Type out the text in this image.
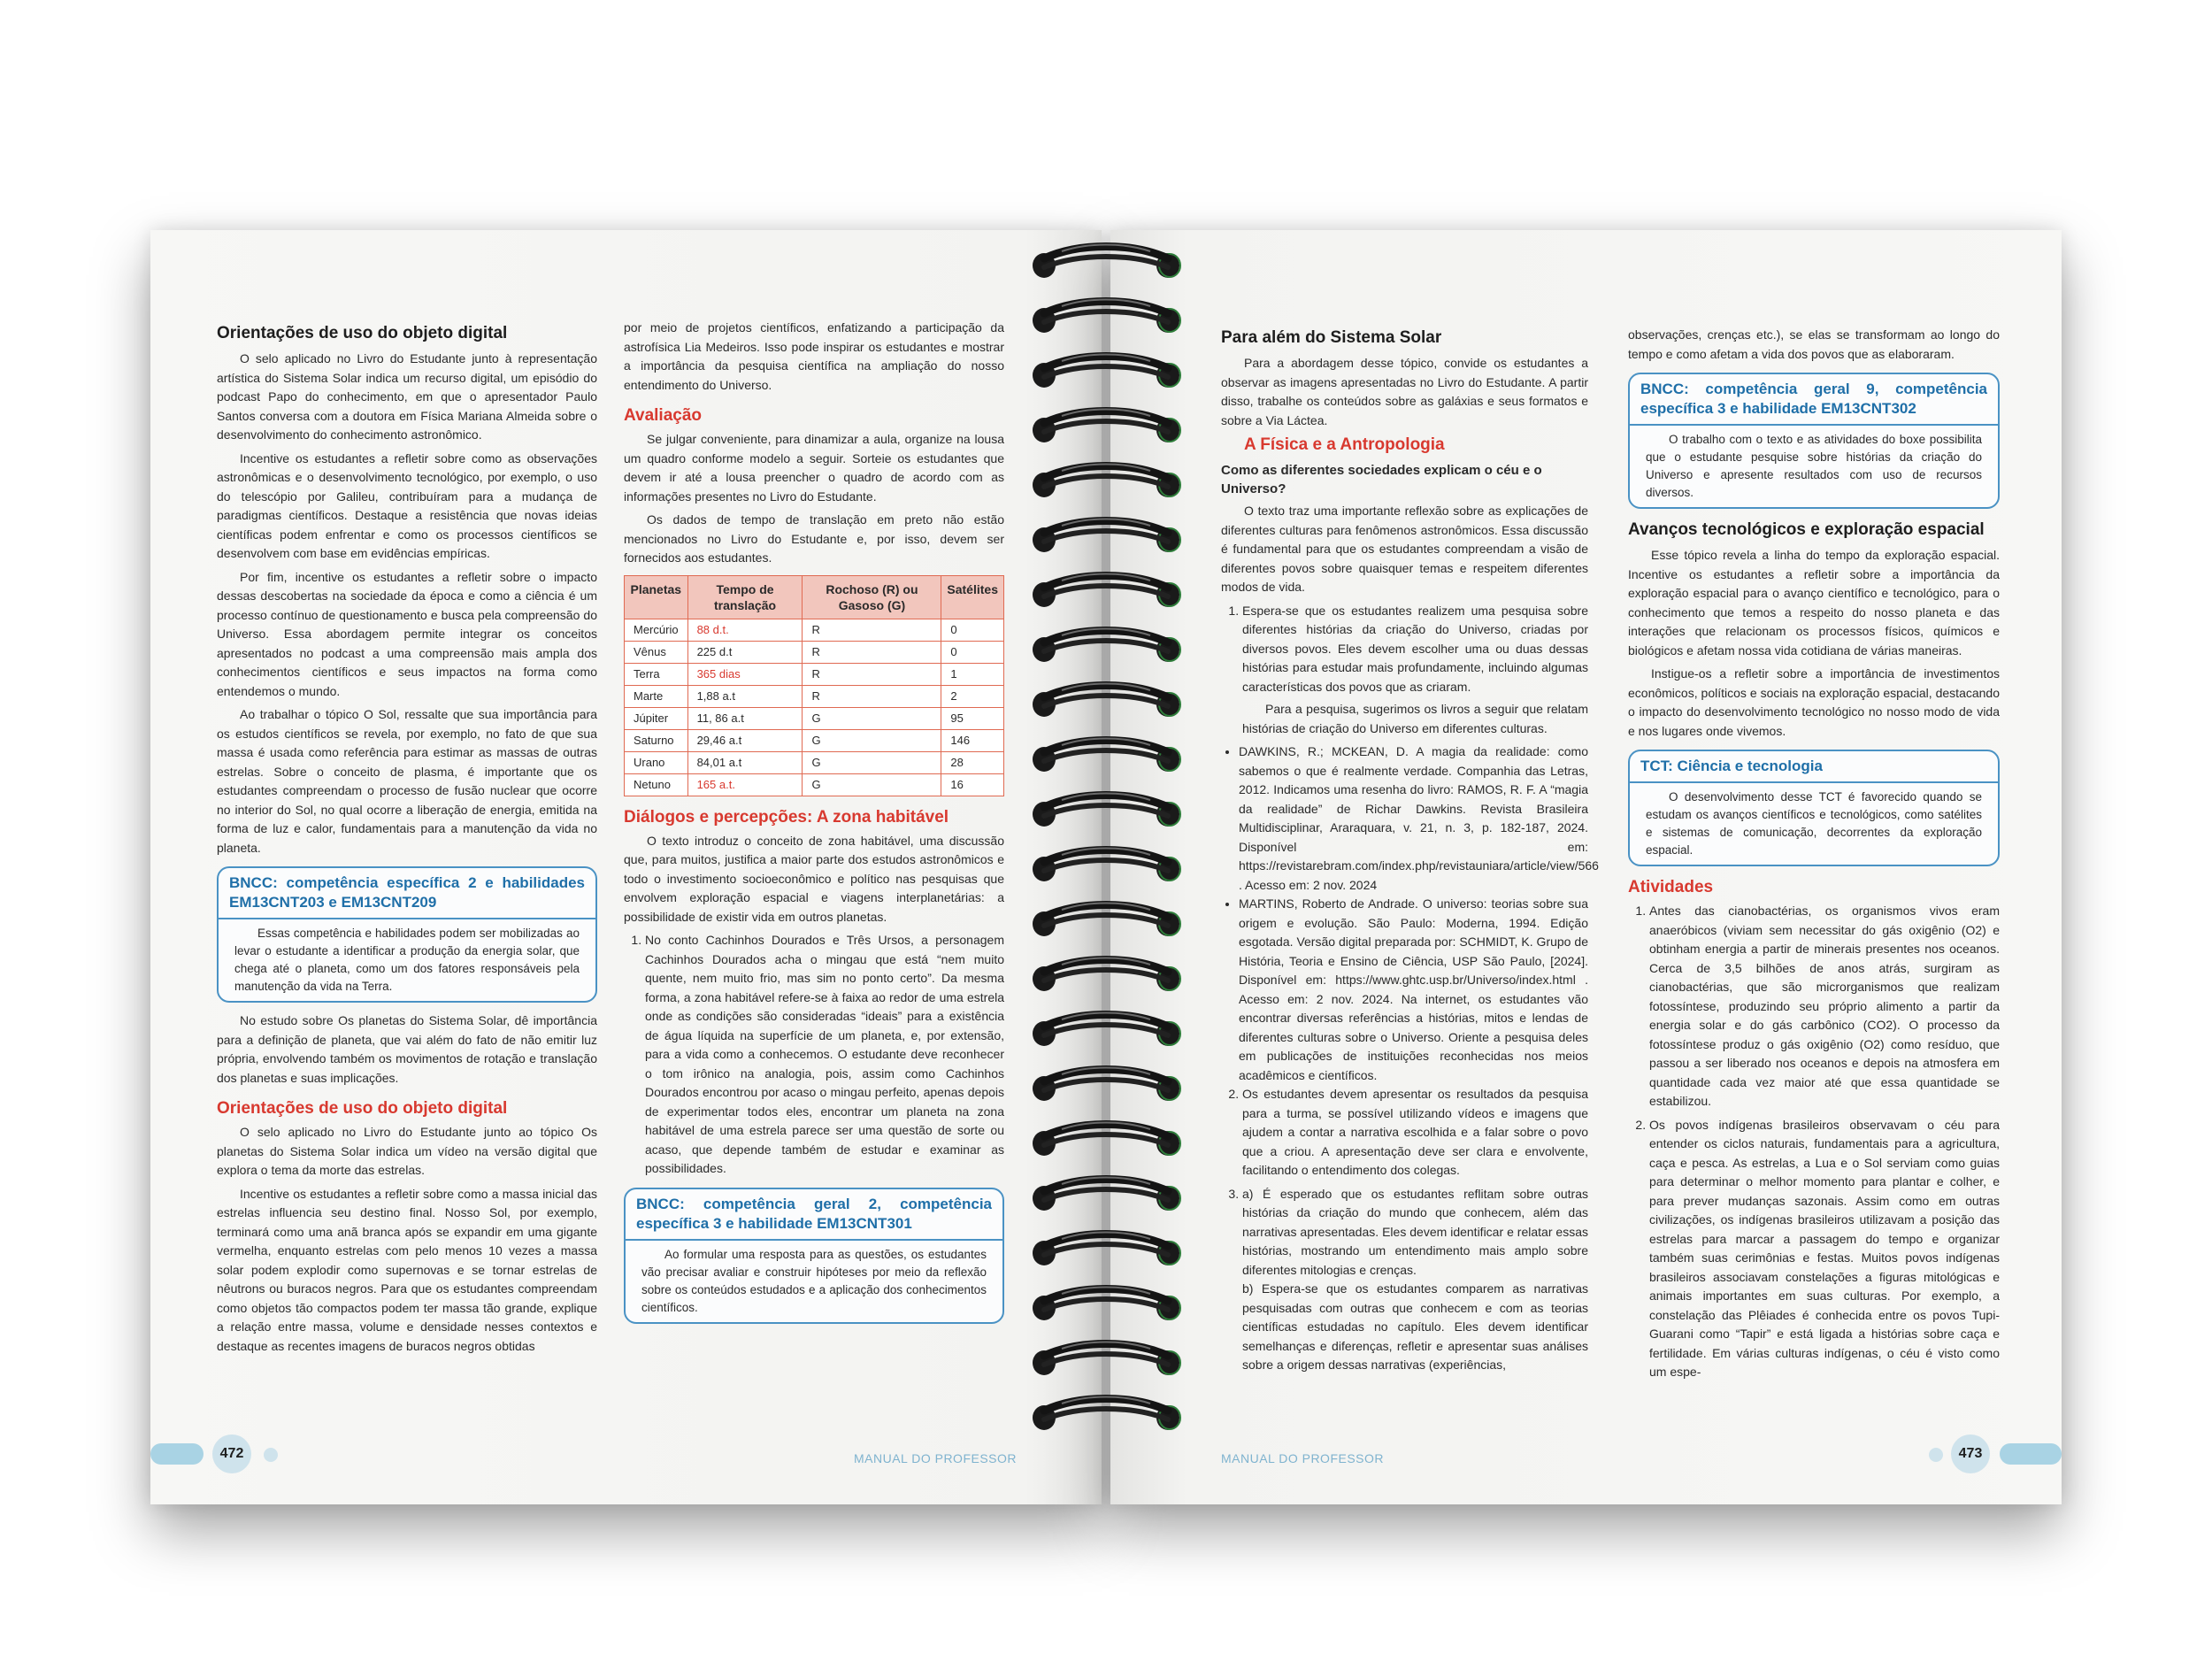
Orientações de uso do objeto digital

O selo aplicado no Livro do Estudante junto à representação artística do Sistema Solar indica um recurso digital, um episódio do podcast Papo do conhecimento, em que o apresentador Paulo Santos conversa com a doutora em Física Mariana Almeida sobre o desenvolvimento do conhecimento astronômico.

Incentive os estudantes a refletir sobre como as observações astronômicas e o desenvolvimento tecnológico, por exemplo, o uso do telescópio por Galileu, contribuíram para a mudança de paradigmas científicos. Destaque a resistência que novas ideias científicas podem enfrentar e como os processos científicos se desenvolvem com base em evidências empíricas.

Por fim, incentive os estudantes a refletir sobre o impacto dessas descobertas na sociedade da época e como a ciência é um processo contínuo de questionamento e busca pela compreensão do Universo. Essa abordagem permite integrar os conceitos apresentados no podcast a uma compreensão mais ampla dos conhecimentos científicos e seus impactos na forma como entendemos o mundo.

Ao trabalhar o tópico O Sol, ressalte que sua importância para os estudos científicos se revela, por exemplo, no fato de que sua massa é usada como referência para estimar as massas de outras estrelas. Sobre o conceito de plasma, é importante que os estudantes compreendam o processo de fusão nuclear que ocorre no interior do Sol, no qual ocorre a liberação de energia, emitida na forma de luz e calor, fundamentais para a manutenção da vida no planeta.

BNCC: competência específica 2 e habilidades EM13CNT203 e EM13CNT209

Essas competência e habilidades podem ser mobilizadas ao levar o estudante a identificar a produção da energia solar, que chega até o planeta, como um dos fatores responsáveis pela manutenção da vida na Terra.

No estudo sobre Os planetas do Sistema Solar, dê importância para a definição de planeta, que vai além do fato de não emitir luz própria, envolvendo também os movimentos de rotação e translação dos planetas e suas implicações.

Orientações de uso do objeto digital

O selo aplicado no Livro do Estudante junto ao tópico Os planetas do Sistema Solar indica um vídeo na versão digital que explora o tema da morte das estrelas.

Incentive os estudantes a refletir sobre como a massa inicial das estrelas influencia seu destino final. Nosso Sol, por exemplo, terminará como uma anã branca após se expandir em uma gigante vermelha, enquanto estrelas com pelo menos 10 vezes a massa solar podem explodir como supernovas e se tornar estrelas de nêutrons ou buracos negros. Para que os estudantes compreendam como objetos tão compactos podem ter massa tão grande, explique a relação entre massa, volume e densidade nesses contextos e destaque as recentes imagens de buracos negros obtidas

por meio de projetos científicos, enfatizando a participação da astrofísica Lia Medeiros. Isso pode inspirar os estudantes e mostrar a importância da pesquisa científica na ampliação do nosso entendimento do Universo.

Avaliação

Se julgar conveniente, para dinamizar a aula, organize na lousa um quadro conforme modelo a seguir. Sorteie os estudantes que devem ir até a lousa preencher o quadro de acordo com as informações presentes no Livro do Estudante.

Os dados de tempo de translação em preto não estão mencionados no Livro do Estudante e, por isso, devem ser fornecidos aos estudantes.

Planetas	Tempo de translação	Rochoso (R) ou Gasoso (G)	Satélites
Mercúrio	88 d.t.	R	0
Vênus	225 d.t	R	0
Terra	365 dias	R	1
Marte	1,88 a.t	R	2
Júpiter	11, 86 a.t	G	95
Saturno	29,46 a.t	G	146
Urano	84,01 a.t	G	28
Netuno	165 a.t.	G	16
Diálogos e percepções: A zona habitável

O texto introduz o conceito de zona habitável, uma discussão que, para muitos, justifica a maior parte dos estudos astronômicos e todo o investimento socioeconômico e político nas pesquisas que envolvem exploração espacial e viagens interplanetárias: a possibilidade de existir vida em outros planetas.

1. No conto Cachinhos Dourados e Três Ursos, a personagem Cachinhos Dourados acha o mingau que está “nem muito quente, nem muito frio, mas sim no ponto certo”. Da mesma forma, a zona habitável refere-se à faixa ao redor de uma estrela onde as condições são consideradas “ideais” para a existência de água líquida na superfície de um planeta, e, por extensão, para a vida como a conhecemos. O estudante deve reconhecer o tom irônico na analogia, pois, assim como Cachinhos Dourados encontrou por acaso o mingau perfeito, apenas depois de experimentar todos eles, encontrar um planeta na zona habitável de uma estrela parece ser uma questão de sorte ou acaso, que depende também de estudar e examinar as possibilidades.
BNCC: competência geral 2, competência específica 3 e habilidade EM13CNT301

Ao formular uma resposta para as questões, os estudantes vão precisar avaliar e construir hipóteses por meio da reflexão sobre os conteúdos estudados e a aplicação dos conhecimentos científicos.

472	MANUAL DO PROFESSOR
Para além do Sistema Solar

Para a abordagem desse tópico, convide os estudantes a observar as imagens apresentadas no Livro do Estudante. A partir disso, trabalhe os conteúdos sobre as galáxias e seus formatos e sobre a Via Láctea.

A Física e a Antropologia
Como as diferentes sociedades explicam o céu e o Universo?

O texto traz uma importante reflexão sobre as explicações de diferentes culturas para fenômenos astronômicos. Essa discussão é fundamental para que os estudantes compreendam a visão de diferentes povos sobre quaisquer temas e respeitem diferentes modos de vida.

1. Espera-se que os estudantes realizem uma pesquisa sobre diferentes histórias da criação do Universo, criadas por diversos povos. Eles devem escolher uma ou duas dessas histórias para estudar mais profundamente, incluindo algumas características dos povos que as criaram.
Para a pesquisa, sugerimos os livros a seguir que relatam histórias de criação do Universo em diferentes culturas.
• DAWKINS, R.; MCKEAN, D. A magia da realidade: como sabemos o que é realmente verdade. Companhia das Letras, 2012. Indicamos uma resenha do livro: RAMOS, R. F. A “magia da realidade” de Richar Dawkins. Revista Brasileira Multidisciplinar, Araraquara, v. 21, n. 3, p. 182-187, 2024. Disponível em: https://revistarebram.com/index.php/revistauniara/article/view/566 . Acesso em: 2 nov. 2024
• MARTINS, Roberto de Andrade. O universo: teorias sobre sua origem e evolução. São Paulo: Moderna, 1994. Edição esgotada. Versão digital preparada por: SCHMIDT, K. Grupo de História, Teoria e Ensino de Ciência, USP São Paulo, [2024]. Disponível em: https://www.ghtc.usp.br/Universo/index.html . Acesso em: 2 nov. 2024. Na internet, os estudantes vão encontrar diversas referências a histórias, mitos e lendas de diferentes culturas sobre o Universo. Oriente a pesquisa deles em publicações de instituições reconhecidas nos meios acadêmicos e científicos.
2. Os estudantes devem apresentar os resultados da pesquisa para a turma, se possível utilizando vídeos e imagens que ajudem a contar a narrativa escolhida e a falar sobre o povo que a criou. A apresentação deve ser clara e envolvente, facilitando o entendimento dos colegas.
3. a) É esperado que os estudantes reflitam sobre outras histórias da criação do mundo que conhecem, além das narrativas apresentadas. Eles devem identificar e relatar essas histórias, mostrando um entendimento mais amplo sobre diferentes mitologias e crenças.
b) Espera-se que os estudantes comparem as narrativas pesquisadas com outras que conhecem e com as teorias científicas estudadas no capítulo. Eles devem identificar semelhanças e diferenças, refletir e apresentar suas análises sobre a origem dessas narrativas (experiências,

observações, crenças etc.), se elas se transformam ao longo do tempo e como afetam a vida dos povos que as elaboraram.

BNCC: competência geral 9, competência específica 3 e habilidade EM13CNT302

O trabalho com o texto e as atividades do boxe possibilita que o estudante pesquise sobre histórias da criação do Universo e apresente resultados com uso de recursos diversos.

Avanços tecnológicos e exploração espacial

Esse tópico revela a linha do tempo da exploração espacial. Incentive os estudantes a refletir sobre a importância da exploração espacial para o avanço científico e tecnológico, para o conhecimento que temos a respeito do nosso planeta e das interações que relacionam os processos físicos, químicos e biológicos e afetam nossa vida cotidiana de várias maneiras.

Instigue-os a refletir sobre a importância de investimentos econômicos, políticos e sociais na exploração espacial, destacando o impacto do desenvolvimento tecnológico no nosso modo de vida e nos lugares onde vivemos.

TCT: Ciência e tecnologia

O desenvolvimento desse TCT é favorecido quando se estudam os avanços científicos e tecnológicos, como satélites e sistemas de comunicação, decorrentes da exploração espacial.

Atividades
1. Antes das cianobactérias, os organismos vivos eram anaeróbicos (viviam sem necessitar do gás oxigênio (O2) e obtinham energia a partir de minerais presentes nos oceanos. Cerca de 3,5 bilhões de anos atrás, surgiram as cianobactérias, que são microrganismos que realizam fotossíntese, produzindo seu próprio alimento a partir da energia solar e do gás carbônico (CO2). O processo da fotossíntese produz o gás oxigênio (O2) como resíduo, que passou a ser liberado nos oceanos e depois na atmosfera em quantidade cada vez maior até que essa quantidade se estabilizou.
2. Os povos indígenas brasileiros observavam o céu para entender os ciclos naturais, fundamentais para a agricultura, caça e pesca. As estrelas, a Lua e o Sol serviam como guias para determinar o melhor momento para plantar e colher, e para prever mudanças sazonais. Assim como em outras civilizações, os indígenas brasileiros utilizavam a posição das estrelas para marcar a passagem do tempo e organizar também suas cerimônias e festas. Muitos povos indígenas brasileiros associavam constelações a figuras mitológicas e animais importantes em suas culturas. Por exemplo, a constelação das Plêiades é conhecida entre os povos Tupi-Guarani como “Tapir” e está ligada a histórias sobre caça e fertilidade. Em várias culturas indígenas, o céu é visto como um espe-
MANUAL DO PROFESSOR	473
